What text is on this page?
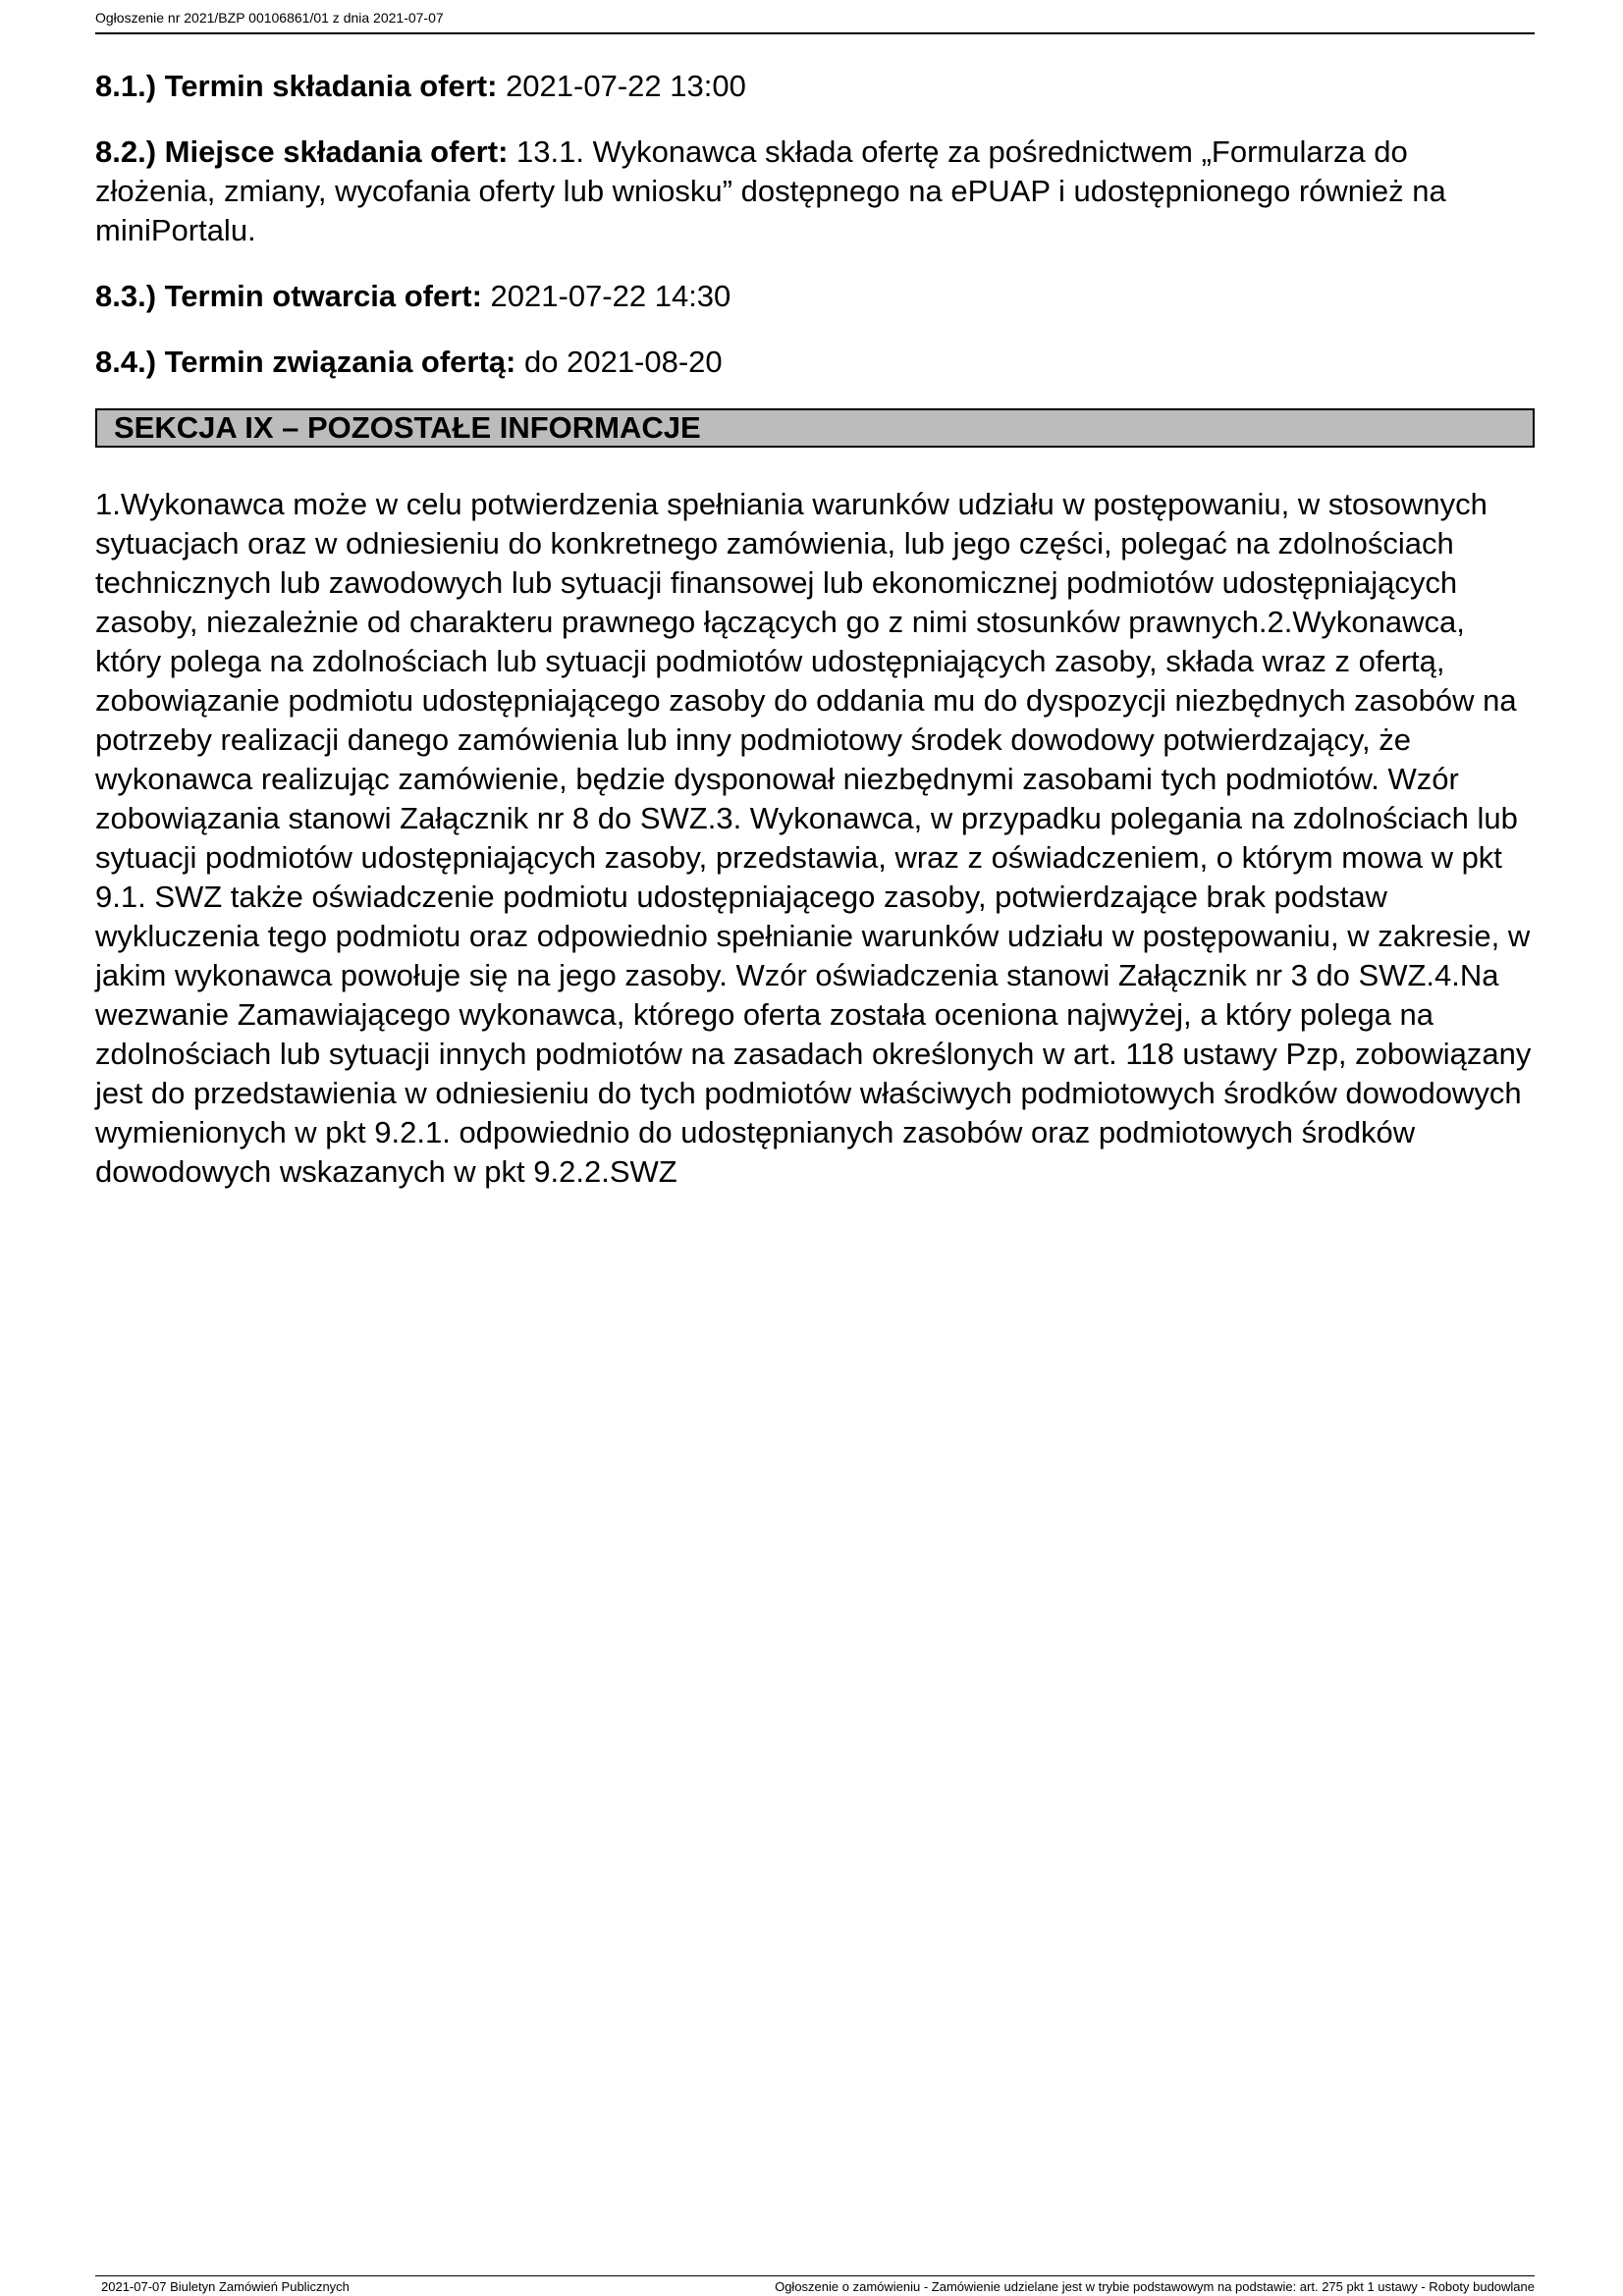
Ogłoszenie nr 2021/BZP 00106861/01 z dnia 2021-07-07

8.1.) Termin składania ofert: 2021-07-22 13:00

8.2.) Miejsce składania ofert: 13.1. Wykonawca składa ofertę za pośrednictwem „Formularza do złożenia, zmiany, wycofania oferty lub wniosku” dostępnego na ePUAP i udostępnionego również na miniPortalu.

8.3.) Termin otwarcia ofert: 2021-07-22 14:30

8.4.) Termin związania ofertą: do 2021-08-20

SEKCJA IX – POZOSTAŁE INFORMACJE
1.Wykonawca może w celu potwierdzenia spełniania warunków udziału w postępowaniu, w stosownych sytuacjach oraz w odniesieniu do konkretnego zamówienia, lub jego części, polegać na zdolnościach technicznych lub zawodowych lub sytuacji finansowej lub ekonomicznej podmiotów udostępniających zasoby, niezależnie od charakteru prawnego łączących go z nimi stosunków prawnych.2.Wykonawca, który polega na zdolnościach lub sytuacji podmiotów udostępniających zasoby, składa wraz z ofertą, zobowiązanie podmiotu udostępniającego zasoby do oddania mu do dyspozycji niezbędnych zasobów na potrzeby realizacji danego zamówienia lub inny podmiotowy środek dowodowy potwierdzający, że wykonawca realizując zamówienie, będzie dysponował niezbędnymi zasobami tych podmiotów. Wzór zobowiązania stanowi Załącznik nr 8 do SWZ.3. Wykonawca, w przypadku polegania na zdolnościach lub sytuacji podmiotów udostępniających zasoby, przedstawia, wraz z oświadczeniem, o którym mowa w pkt 9.1. SWZ także oświadczenie podmiotu udostępniającego zasoby, potwierdzające brak podstaw wykluczenia tego podmiotu oraz odpowiednio spełnianie warunków udziału w postępowaniu, w zakresie, w jakim wykonawca powołuje się na jego zasoby. Wzór oświadczenia stanowi Załącznik nr 3 do SWZ.4.Na wezwanie Zamawiającego wykonawca, którego oferta została oceniona najwyżej, a który polega na zdolnościach lub sytuacji innych podmiotów na zasadach określonych w art. 118 ustawy Pzp, zobowiązany jest do przedstawienia w odniesieniu do tych podmiotów właściwych podmiotowych środków dowodowych wymienionych w pkt 9.2.1. odpowiednio do udostępnianych zasobów oraz podmiotowych środków dowodowych wskazanych w pkt 9.2.2.SWZ
2021-07-07 Biuletyn Zamówień Publicznych	Ogłoszenie o zamówieniu - Zamówienie udzielane jest w trybie podstawowym na podstawie: art. 275 pkt 1 ustawy - Roboty budowlane
